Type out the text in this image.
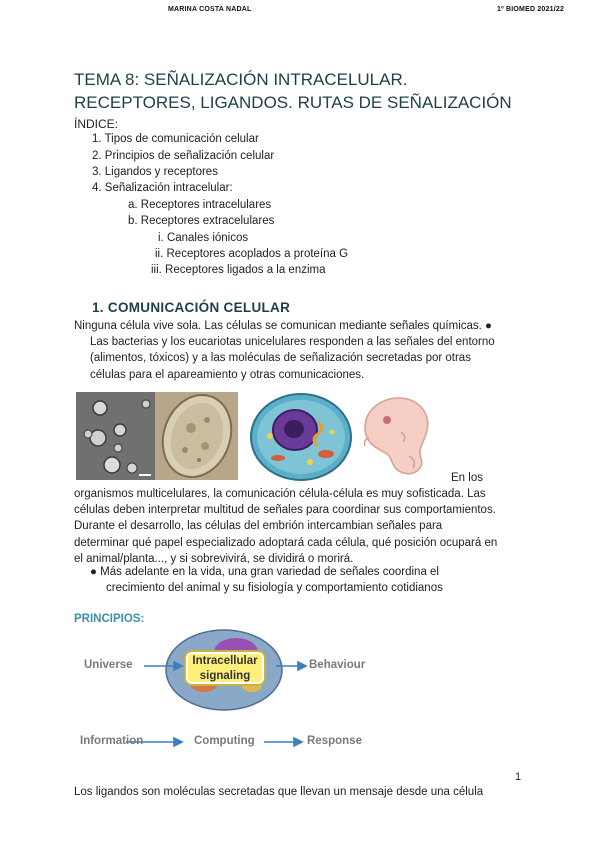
MARINA COSTA NADAL	1º BIOMED 2021/22
TEMA 8: SEÑALIZACIÓN INTRACELULAR.
RECEPTORES, LIGANDOS. RUTAS DE SEÑALIZACIÓN
ÍNDICE:
1. Tipos de comunicación celular
2. Principios de señalización celular
3. Ligandos y receptores
4. Señalización intracelular:
a. Receptores intracelulares
b. Receptores extracelulares
i. Canales iónicos
ii. Receptores acoplados a proteína G
iii. Receptores ligados a la enzima
1. COMUNICACIÓN CELULAR
Ninguna célula vive sola. Las células se comunican mediante señales químicas. ●
Las bacterias y los eucariotas unicelulares responden a las señales del entorno
(alimentos, tóxicos) y a las moléculas de señalización secretadas por otras
células para el apareamiento y otras comunicaciones.
En los
organismos multicelulares, la comunicación célula-célula es muy sofisticada. Las
células deben interpretar multitud de señales para coordinar sus comportamientos.
Durante el desarrollo, las células del embrión intercambian señales para
determinar qué papel especializado adoptará cada célula, qué posición ocupará en
el animal/planta..., y si sobrevivirá, se dividirá o morirá.
● Más adelante en la vida, una gran variedad de señales coordina el
crecimiento del animal y su fisiología y comportamiento cotidianos
PRINCIPIOS:
Intracellular
signaling
Universe	Behaviour
Information	Computing	Response
1
Los ligandos son moléculas secretadas que llevan un mensaje desde una célula
